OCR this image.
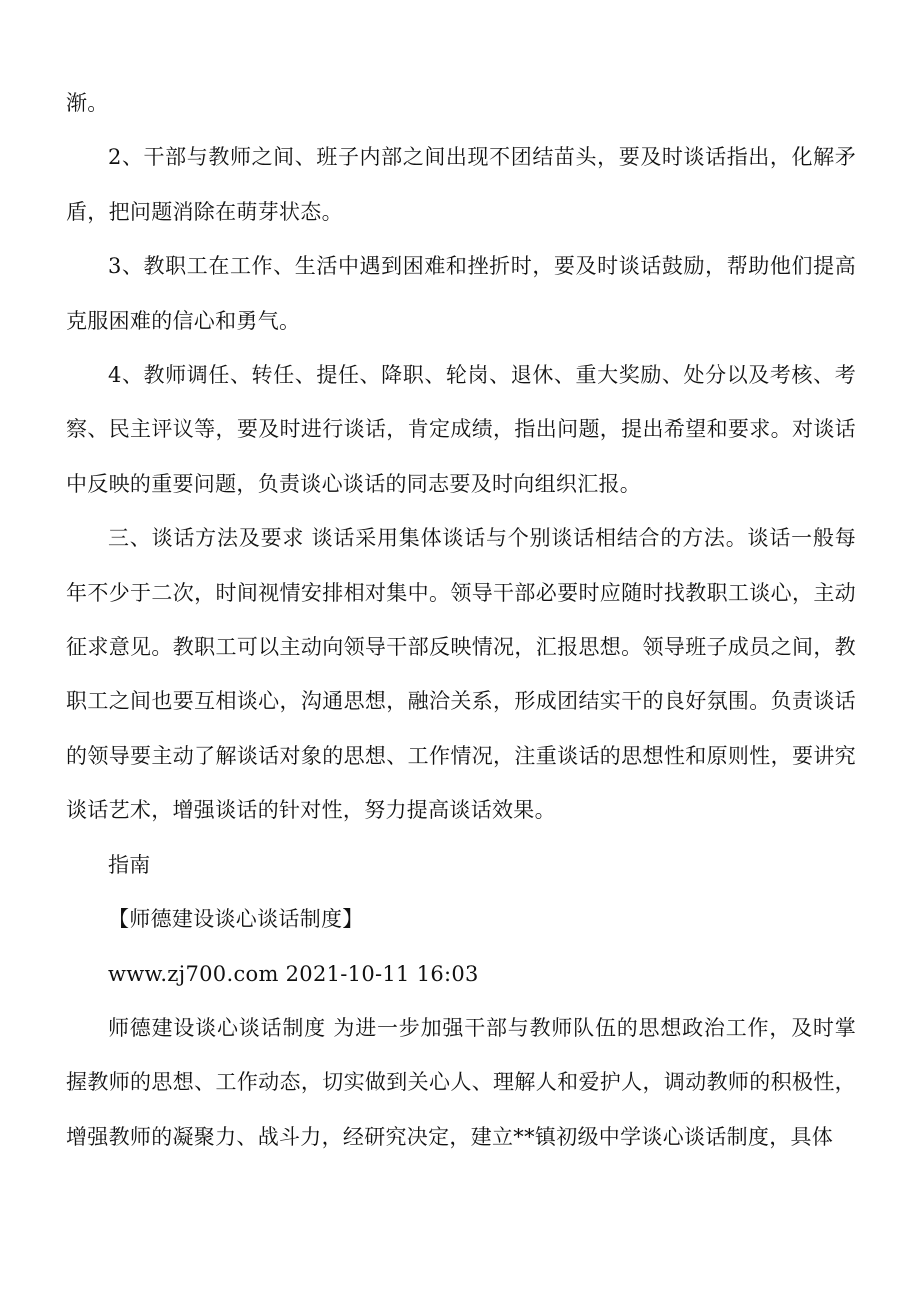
渐。

2、干部与教师之间、班子内部之间出现不团结苗头，要及时谈话指出，化解矛盾，把问题消除在萌芽状态。

3、教职工在工作、生活中遇到困难和挫折时，要及时谈话鼓励，帮助他们提高克服困难的信心和勇气。

4、教师调任、转任、提任、降职、轮岗、退休、重大奖励、处分以及考核、考察、民主评议等，要及时进行谈话，肯定成绩，指出问题，提出希望和要求。对谈话中反映的重要问题，负责谈心谈话的同志要及时向组织汇报。

三、谈话方法及要求 谈话采用集体谈话与个别谈话相结合的方法。谈话一般每年不少于二次，时间视情安排相对集中。领导干部必要时应随时找教职工谈心，主动征求意见。教职工可以主动向领导干部反映情况，汇报思想。领导班子成员之间，教职工之间也要互相谈心，沟通思想，融洽关系，形成团结实干的良好氛围。负责谈话的领导要主动了解谈话对象的思想、工作情况，注重谈话的思想性和原则性，要讲究谈话艺术，增强谈话的针对性，努力提高谈话效果。

指南

【师德建设谈心谈话制度】

www.zj700.com 2021-10-11 16:03

师德建设谈心谈话制度 为进一步加强干部与教师队伍的思想政治工作，及时掌握教师的思想、工作动态，切实做到关心人、理解人和爱护人，调动教师的积极性，增强教师的凝聚力、战斗力，经研究决定，建立**镇初级中学谈心谈话制度，具体
